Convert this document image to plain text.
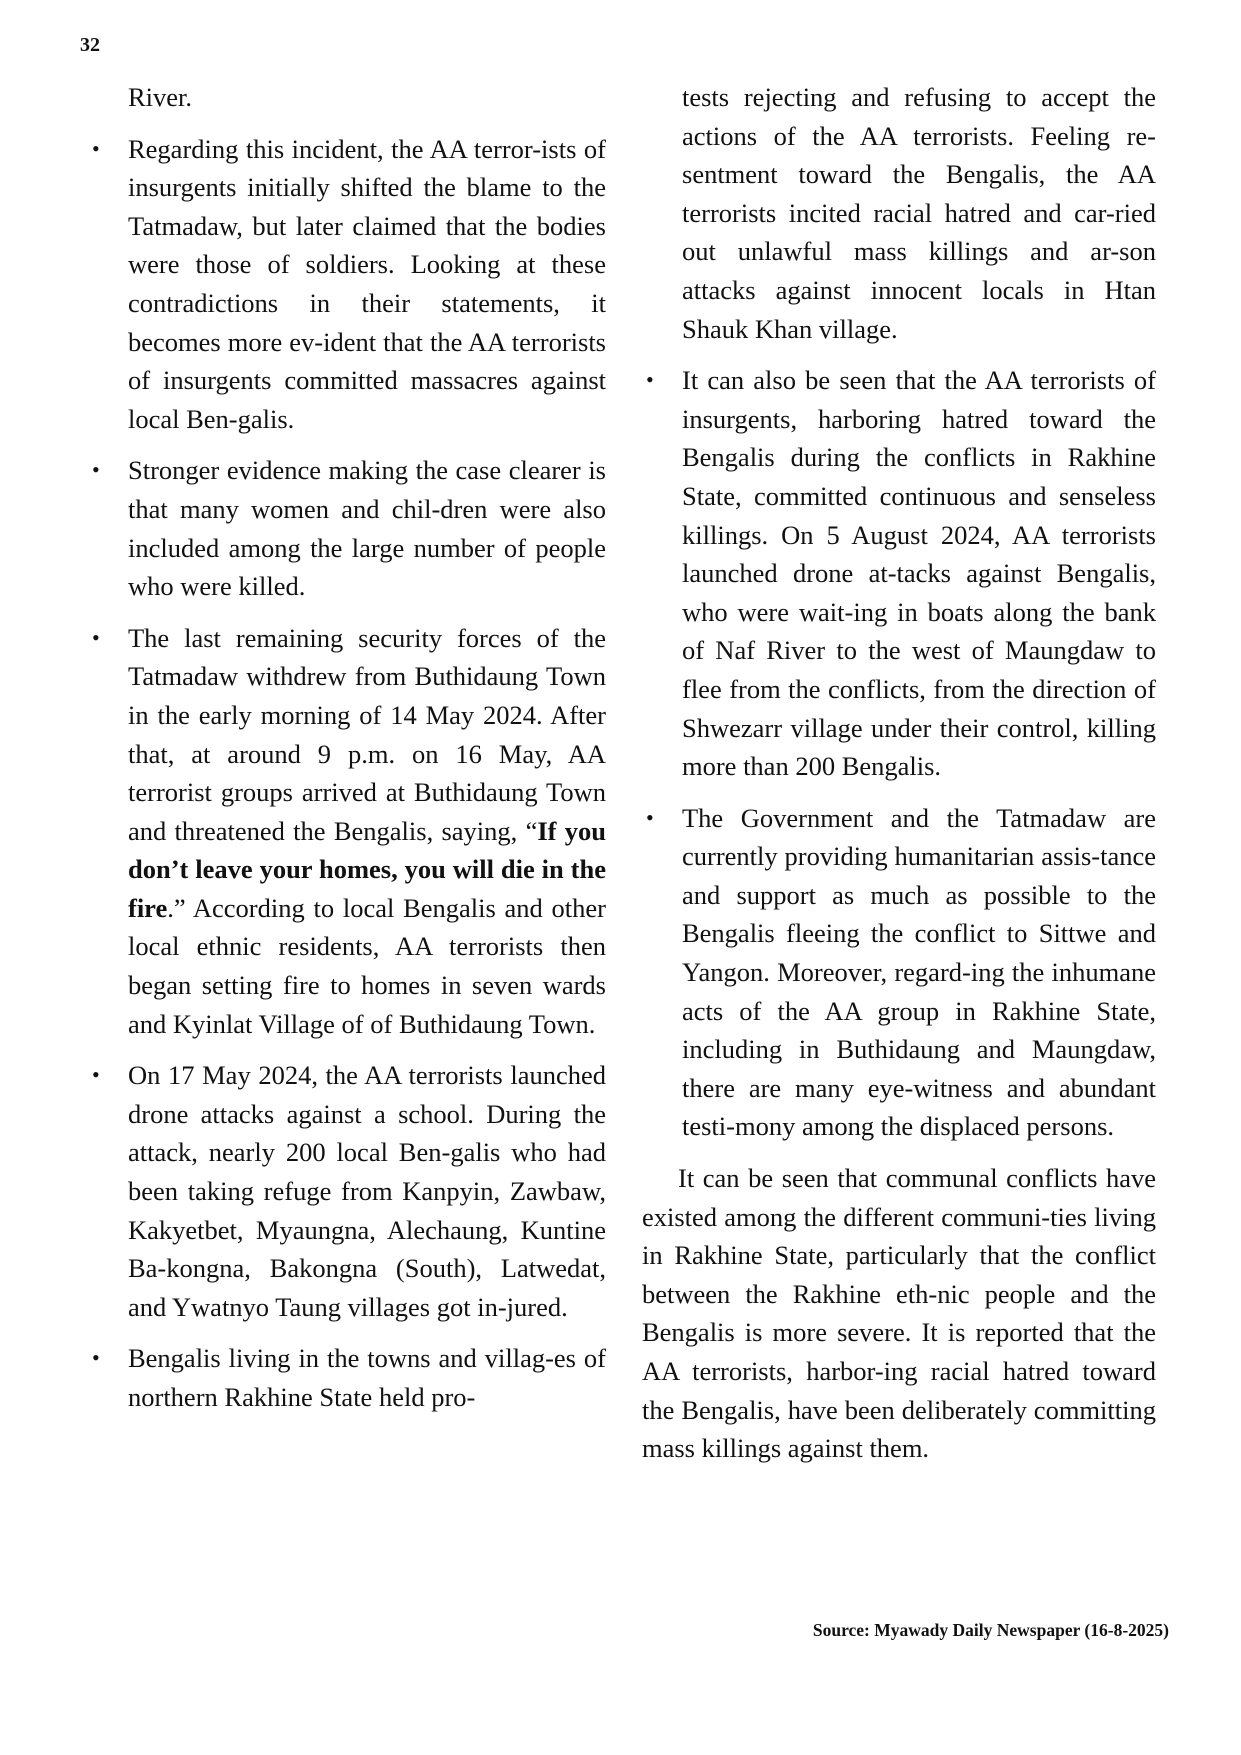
32

River.

• Regarding this incident, the AA terror-ists of insurgents initially shifted the blame to the Tatmadaw, but later claimed that the bodies were those of soldiers. Looking at these contradictions in their statements, it becomes more ev-ident that the AA terrorists of insurgents committed massacres against local Ben-galis.
• Stronger evidence making the case clearer is that many women and chil-dren were also included among the large number of people who were killed.
• The last remaining security forces of the Tatmadaw withdrew from Buthidaung Town in the early morning of 14 May 2024. After that, at around 9 p.m. on 16 May, AA terrorist groups arrived at Buthidaung Town and threatened the Bengalis, saying, “If you don’t leave your homes, you will die in the fire.” According to local Bengalis and other local ethnic residents, AA terrorists then began setting fire to homes in seven wards and Kyinlat Village of of Buthidaung Town.
• On 17 May 2024, the AA terrorists launched drone attacks against a school. During the attack, nearly 200 local Ben-galis who had been taking refuge from Kanpyin, Zawbaw, Kakyetbet, Myaungna, Alechaung, Kuntine Ba-kongna, Bakongna (South), Latwedat, and Ywatnyo Taung villages got in-jured.
• Bengalis living in the towns and villag-es of northern Rakhine State held pro-

tests rejecting and refusing to accept the actions of the AA terrorists. Feeling re-sentment toward the Bengalis, the AA terrorists incited racial hatred and car-ried out unlawful mass killings and ar-son attacks against innocent locals in Htan Shauk Khan village.

• It can also be seen that the AA terrorists of insurgents, harboring hatred toward the Bengalis during the conflicts in Rakhine State, committed continuous and senseless killings. On 5 August 2024, AA terrorists launched drone at-tacks against Bengalis, who were wait-ing in boats along the bank of Naf River to the west of Maungdaw to flee from the conflicts, from the direction of Shwezarr village under their control, killing more than 200 Bengalis.
• The Government and the Tatmadaw are currently providing humanitarian assis-tance and support as much as possible to the Bengalis fleeing the conflict to Sittwe and Yangon. Moreover, regard-ing the inhumane acts of the AA group in Rakhine State, including in Buthidaung and Maungdaw, there are many eye-witness and abundant testi-mony among the displaced persons.

It can be seen that communal conflicts have existed among the different communi-ties living in Rakhine State, particularly that the conflict between the Rakhine eth-nic people and the Bengalis is more severe. It is reported that the AA terrorists, harbor-ing racial hatred toward the Bengalis, have been deliberately committing mass killings against them.

Source: Myawady Daily Newspaper (16-8-2025)
